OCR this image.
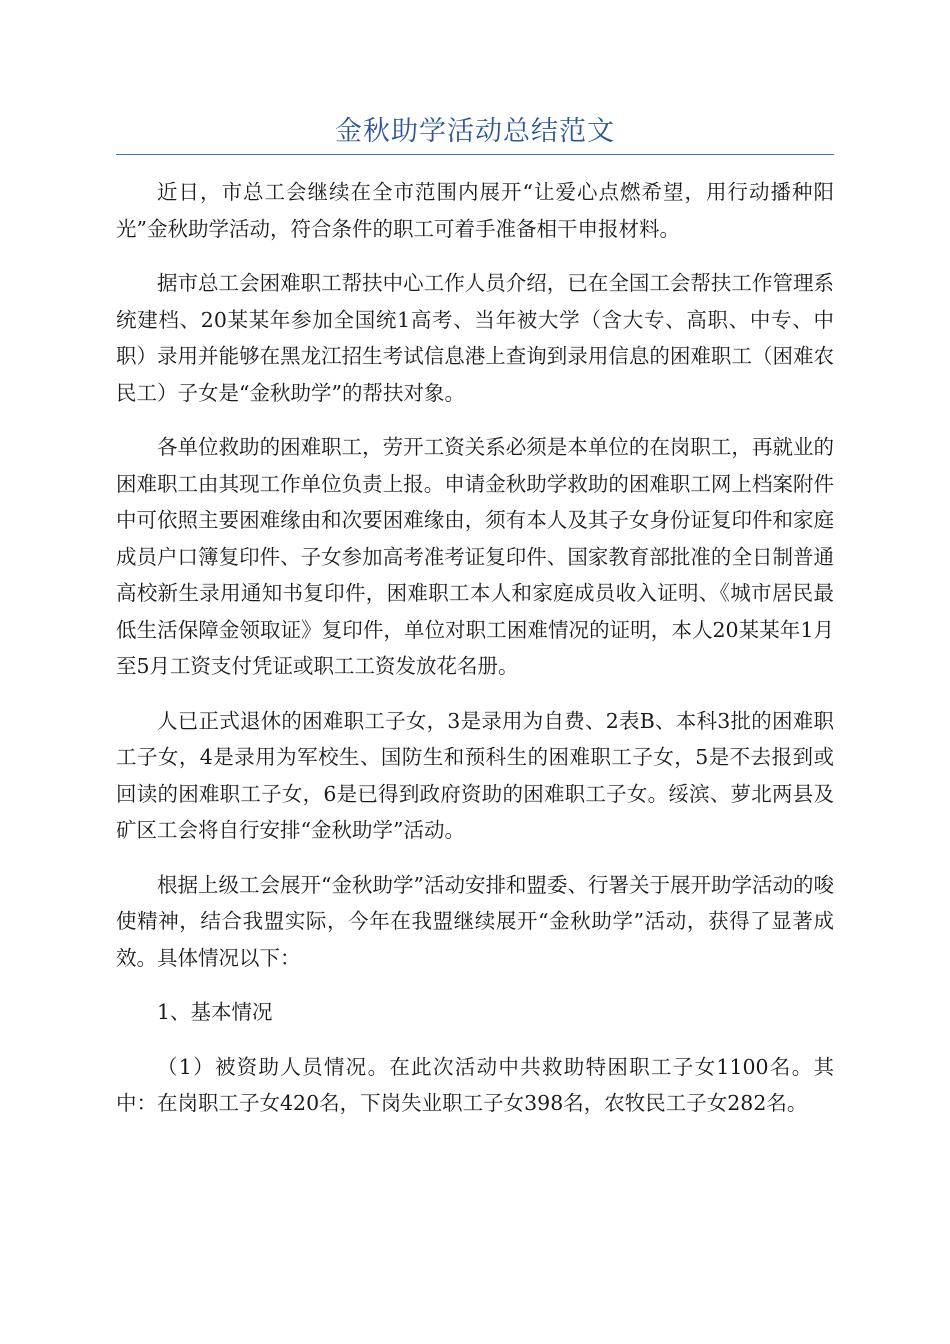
金秋助学活动总结范文

近日，市总工会继续在全市范围内展开“让爱心点燃希望，用行动播种阳光”金秋助学活动，符合条件的职工可着手准备相干申报材料。

据市总工会困难职工帮扶中心工作人员介绍，已在全国工会帮扶工作管理系统建档、20某某年参加全国统1高考、当年被大学（含大专、高职、中专、中职）录用并能够在黑龙江招生考试信息港上查询到录用信息的困难职工（困难农民工）子女是“金秋助学”的帮扶对象。

各单位救助的困难职工，劳开工资关系必须是本单位的在岗职工，再就业的困难职工由其现工作单位负责上报。申请金秋助学救助的困难职工网上档案附件中可依照主要困难缘由和次要困难缘由，须有本人及其子女身份证复印件和家庭成员户口簿复印件、子女参加高考准考证复印件、国家教育部批准的全日制普通高校新生录用通知书复印件，困难职工本人和家庭成员收入证明、《城市居民最低生活保障金领取证》复印件，单位对职工困难情况的证明，本人20某某年1月至5月工资支付凭证或职工工资发放花名册。

人已正式退休的困难职工子女，3是录用为自费、2表B、本科3批的困难职工子女，4是录用为军校生、国防生和预科生的困难职工子女，5是不去报到或回读的困难职工子女，6是已得到政府资助的困难职工子女。绥滨、萝北两县及矿区工会将自行安排“金秋助学”活动。

根据上级工会展开“金秋助学”活动安排和盟委、行署关于展开助学活动的唆使精神，结合我盟实际，今年在我盟继续展开“金秋助学”活动，获得了显著成效。具体情况以下：

1、基本情况

（1）被资助人员情况。在此次活动中共救助特困职工子女1100名。其中：在岗职工子女420名，下岗失业职工子女398名，农牧民工子女282名。
